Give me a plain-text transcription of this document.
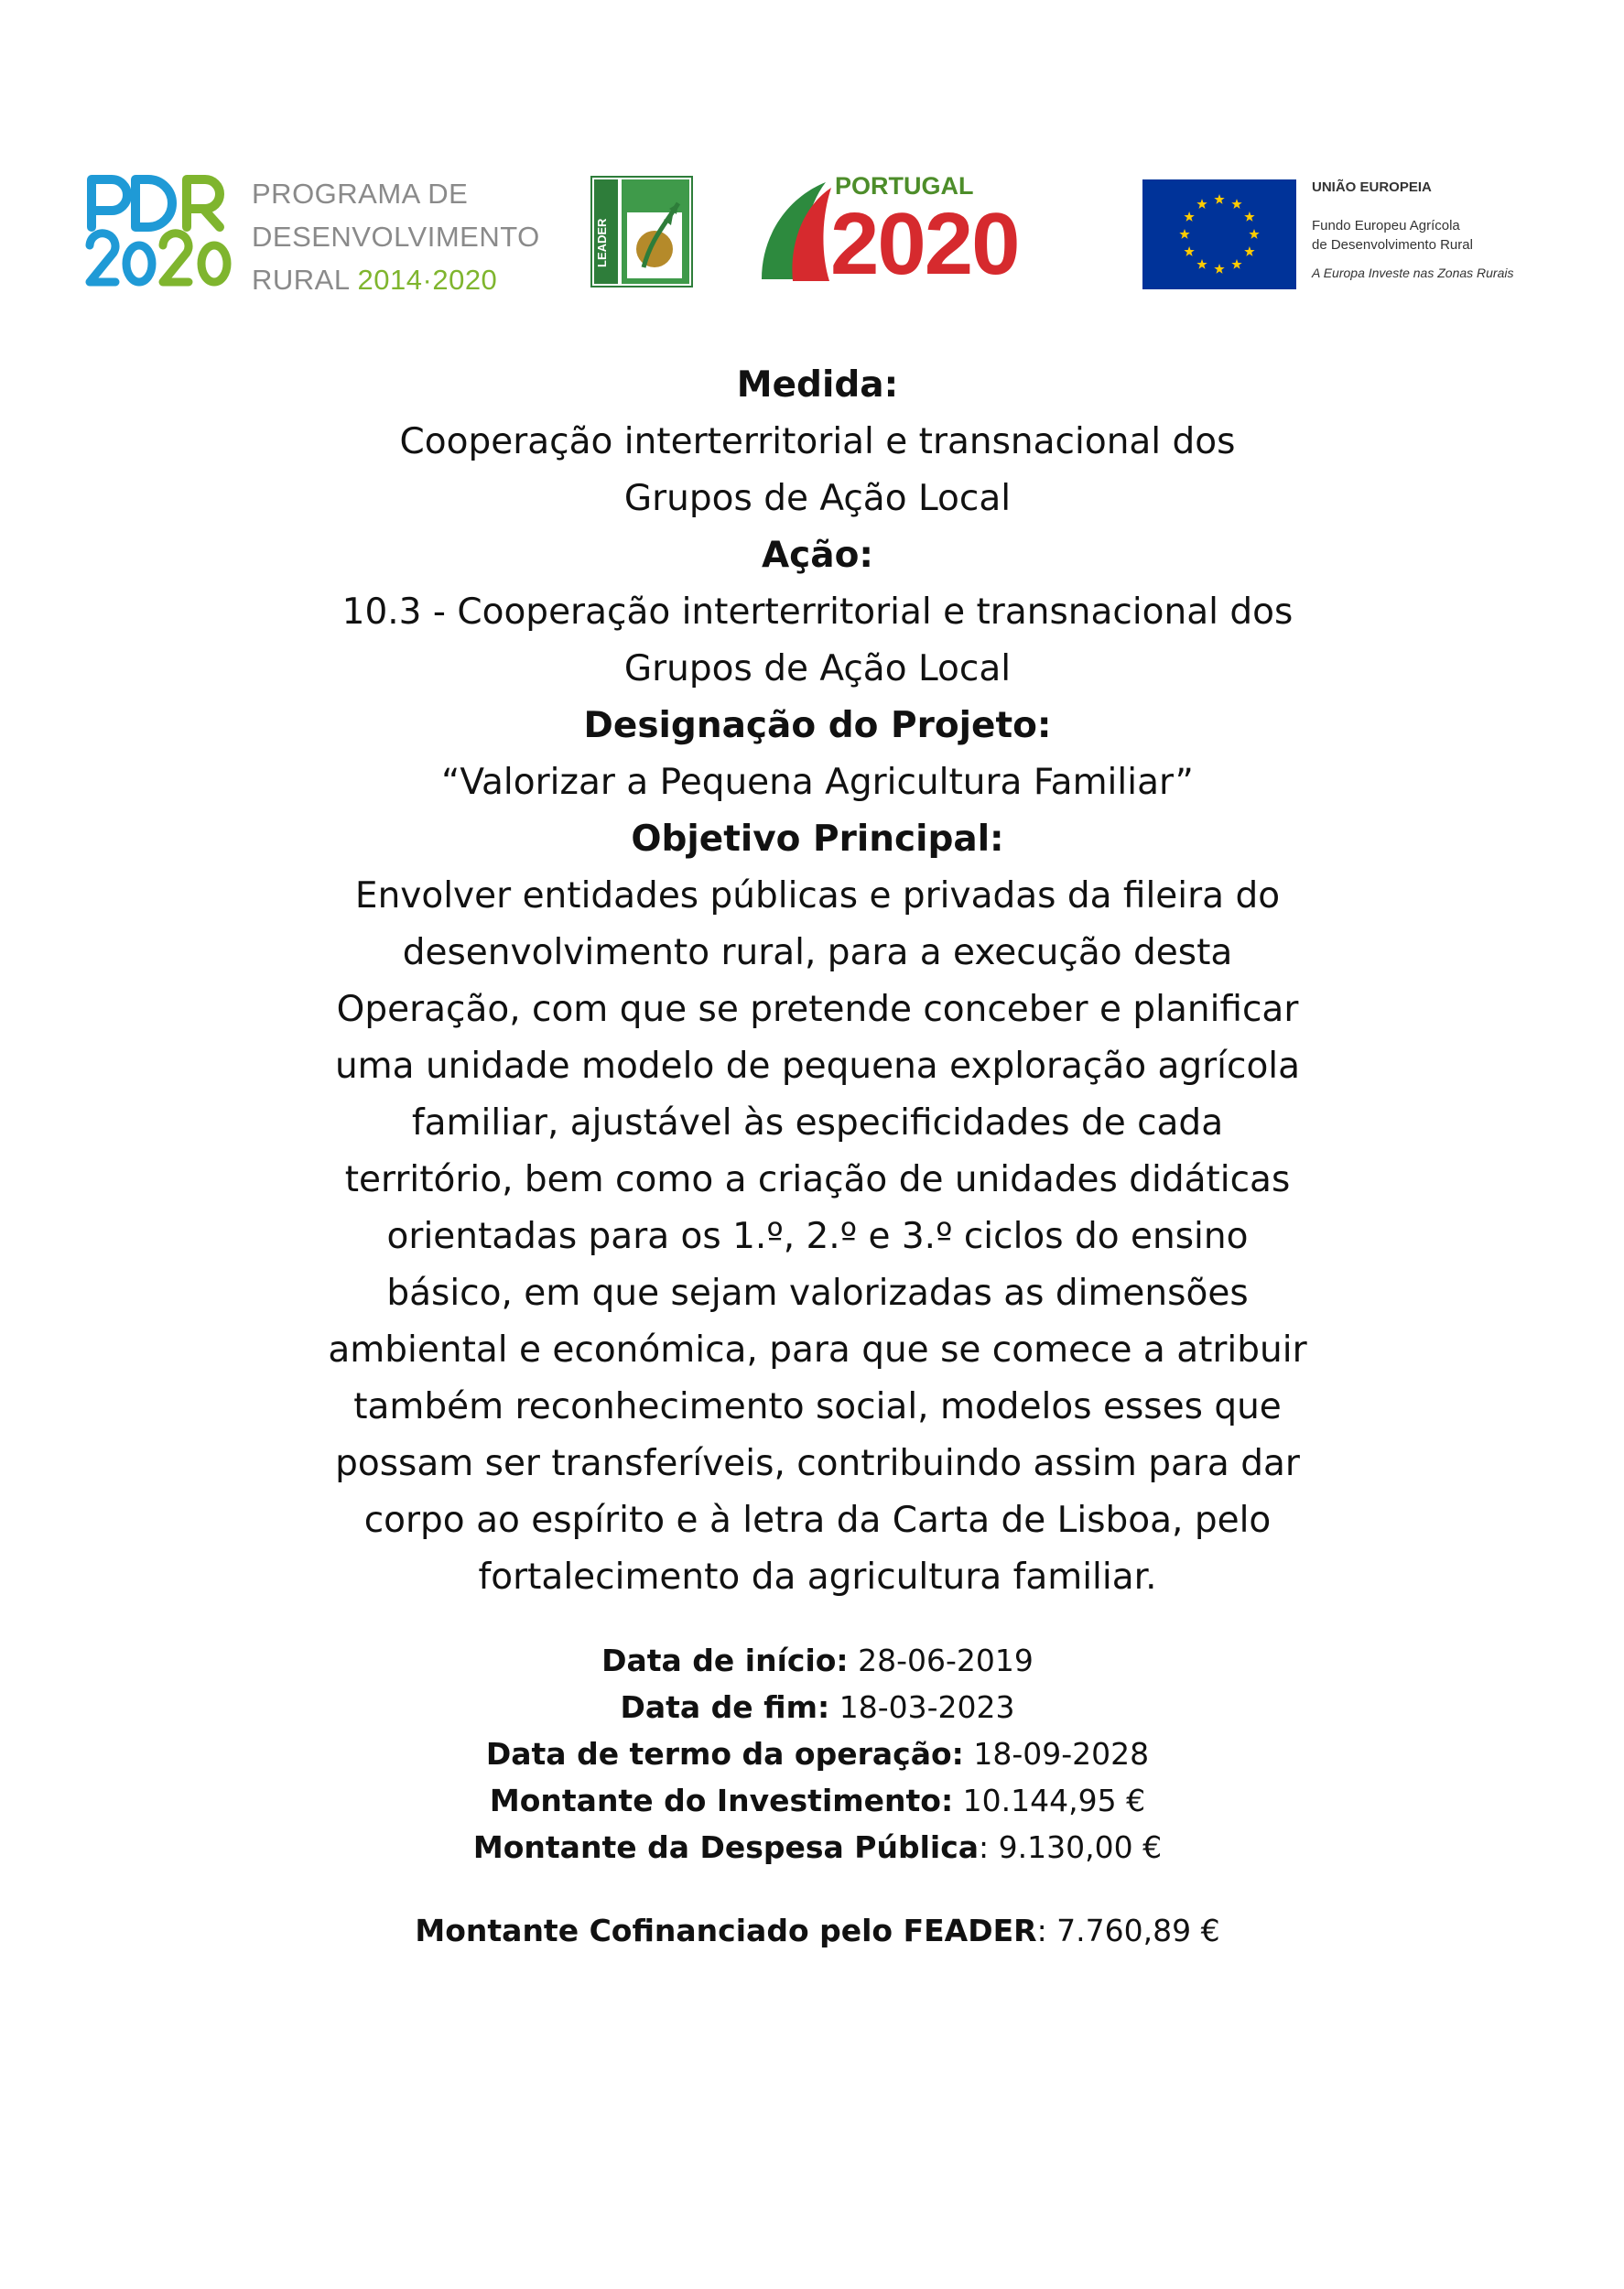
PROGRAMA DE
DESENVOLVIMENTO
RURAL 2014·2020
LEADER
PORTUGAL
2020
UNIÃO EUROPEIA
Fundo Europeu Agrícola
de Desenvolvimento Rural
A Europa Investe nas Zonas Rurais
Medida:
Cooperação interterritorial e transnacional dos Grupos de Ação Local
Ação:
10.3 - Cooperação interterritorial e transnacional dos Grupos de Ação Local
Designação do Projeto:
“Valorizar a Pequena Agricultura Familiar”
Objetivo Principal:
Envolver entidades públicas e privadas da fileira do desenvolvimento rural, para a execução desta Operação, com que se pretende conceber e planificar uma unidade modelo de pequena exploração agrícola familiar, ajustável às especificidades de cada território, bem como a criação de unidades didáticas orientadas para os 1.º, 2.º e 3.º ciclos do ensino básico, em que sejam valorizadas as dimensões ambiental e económica, para que se comece a atribuir também reconhecimento social, modelos esses que possam ser transferíveis, contribuindo assim para dar corpo ao espírito e à letra da Carta de Lisboa, pelo fortalecimento da agricultura familiar.
Data de início: 28-06-2019
Data de fim: 18-03-2023
Data de termo da operação: 18-09-2028
Montante do Investimento: 10.144,95 €
Montante da Despesa Pública: 9.130,00 €
Montante Cofinanciado pelo FEADER: 7.760,89 €
